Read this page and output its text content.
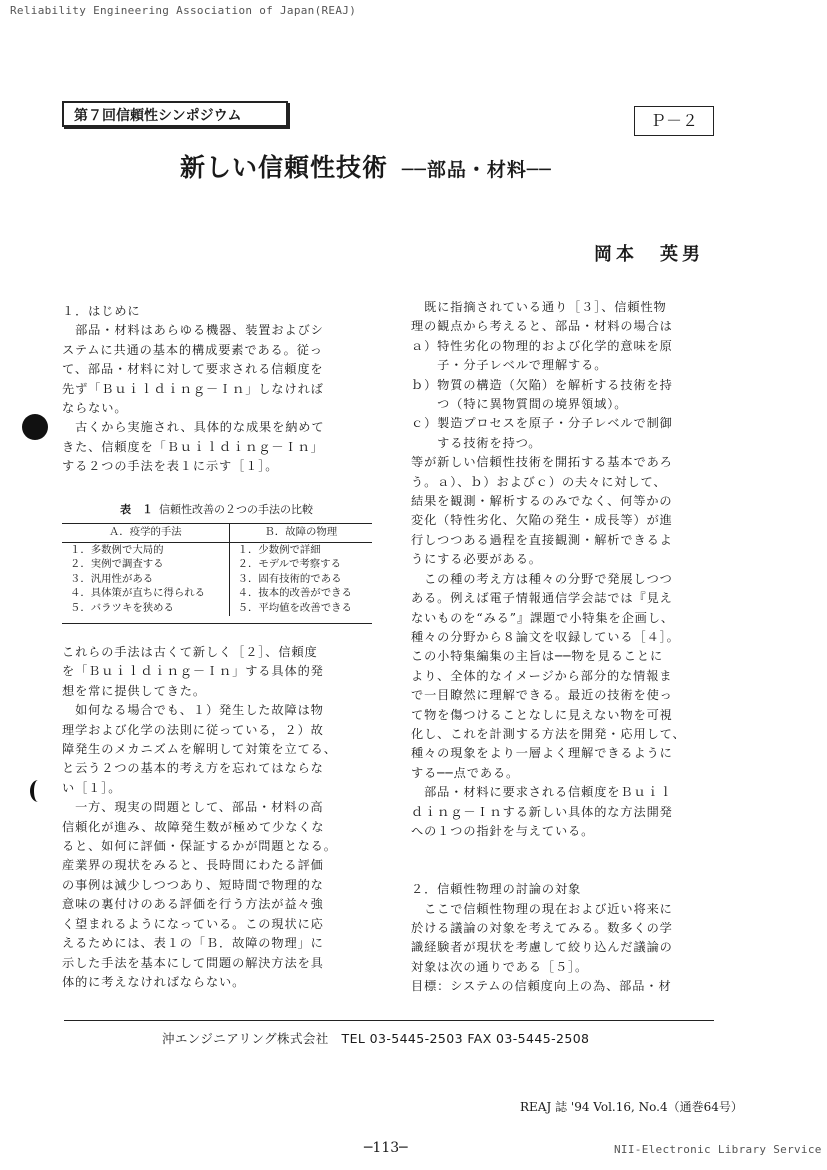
Reliability Engineering Association of Japan(REAJ)
第７回信頼性シンポジウム	Ｐ－２
新しい信頼性技術 ──部品・材料──
岡本　英男

１．はじめに

　部品・材料はあらゆる機器、装置およびシ

ステムに共通の基本的構成要素である。従っ

て、部品・材料に対して要求される信頼度を

先ず「Ｂｕｉｌｄｉｎｇ－Ｉｎ」しなければ

ならない。

　古くから実施され、具体的な成果を納めて

きた、信頼度を「Ｂｕｉｌｄｉｎｇ－Ｉｎ」

する２つの手法を表１に示す［１］。

表　１ 信頼性改善の２つの手法の比較
Ａ．疫学的手法	Ｂ．故障の物理
１．多数例で大局的	１．少数例で詳細
２．実例で調査する	２．モデルで考察する
３．汎用性がある	３．固有技術的である
４．具体策が直ちに得られる	４．抜本的改善ができる
５．バラツキを狭める	５．平均値を改善できる

これらの手法は古くて新しく［２］、信頼度

を「Ｂｕｉｌｄｉｎｇ－Ｉｎ」する具体的発

想を常に提供してきた。

　如何なる場合でも、１）発生した故障は物

理学および化学の法則に従っている，２）故

障発生のメカニズムを解明して対策を立てる、

と云う２つの基本的考え方を忘れてはならな

い［１］。

　一方、現実の問題として、部品・材料の高

信頼化が進み、故障発生数が極めて少なくな

ると、如何に評価・保証するかが問題となる。

産業界の現状をみると、長時間にわたる評価

の事例は減少しつつあり、短時間で物理的な

意味の裏付けのある評価を行う方法が益々強

く望まれるようになっている。この現状に応

えるためには、表１の「Ｂ．故障の物理」に

示した手法を基本にして問題の解決方法を具

体的に考えなければならない。

　既に指摘されている通り［３］、信頼性物

理の観点から考えると、部品・材料の場合は

ａ）特性劣化の物理的および化学的意味を原

　　子・分子レベルで理解する。

ｂ）物質の構造（欠陥）を解析する技術を持

　　つ（特に異物質間の境界領域）。

ｃ）製造プロセスを原子・分子レベルで制御

　　する技術を持つ。

等が新しい信頼性技術を開拓する基本であろ

う。ａ）、ｂ）およびｃ）の夫々に対して、

結果を観測・解析するのみでなく、何等かの

変化（特性劣化、欠陥の発生・成長等）が進

行しつつある過程を直接観測・解析できるよ

うにする必要がある。

　この種の考え方は種々の分野で発展しつつ

ある。例えば電子情報通信学会誌では『見え

ないものを“みる”』課題で小特集を企画し、

種々の分野から８論文を収録している［４］。

この小特集編集の主旨は──物を見ることに

より、全体的なイメージから部分的な情報ま

で一目瞭然に理解できる。最近の技術を使っ

て物を傷つけることなしに見えない物を可視

化し、これを計測する方法を開発・応用して、

種々の現象をより一層よく理解できるように

する──点である。

　部品・材料に要求される信頼度をＢｕｉｌ

ｄｉｎｇ－Ｉｎする新しい具体的な方法開発

への１つの指針を与えている。

２．信頼性物理の討論の対象

　ここで信頼性物理の現在および近い将来に

於ける議論の対象を考えてみる。数多くの学

識経験者が現状を考慮して絞り込んだ議論の

対象は次の通りである［５］。

目標：システムの信頼度向上の為、部品・材

沖エンジニアリング株式会社　TEL 03-5445-2503 FAX 03-5445-2508
REAJ 誌 '94 Vol.16, No.4（通巻64号）
─113─	NII-Electronic Library Service
